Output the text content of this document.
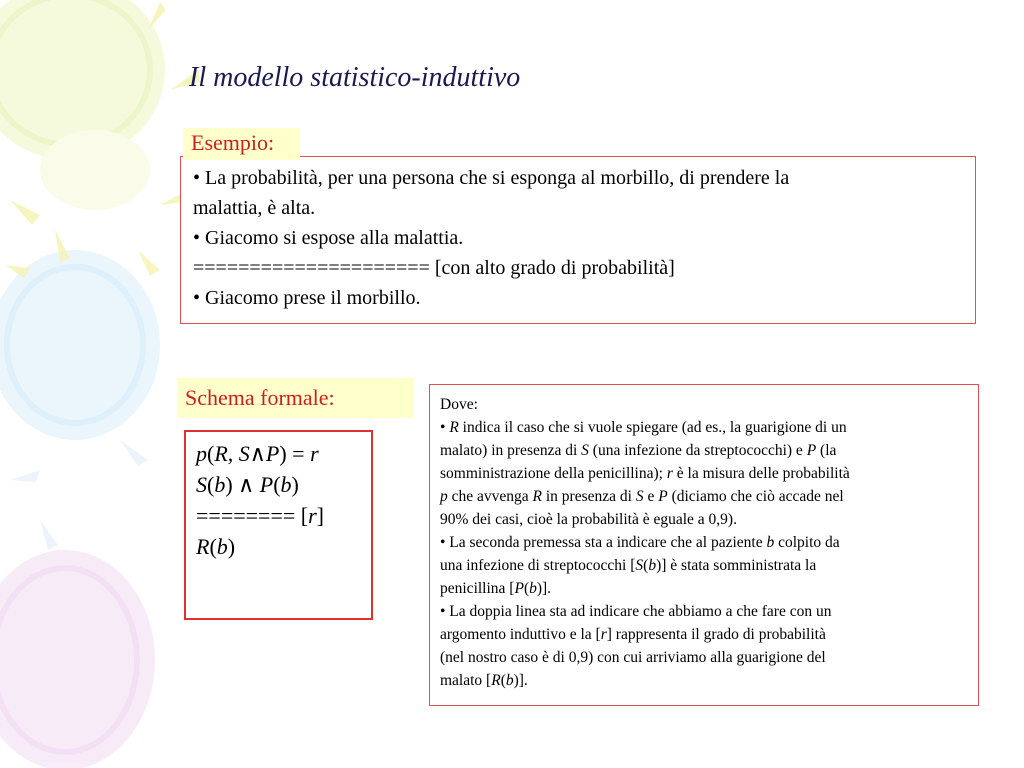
Il modello statistico-induttivo
• La probabilità, per una persona che si esponga al morbillo, di prendere la
malattia, è alta.
• Giacomo si espose alla malattia.
===================== [con alto grado di probabilità]
• Giacomo prese il morbillo.
Esempio:
Schema formale:
p(R, S∧P) = r
S(b) ∧ P(b)
======== [r]
R(b)
Dove:
• R indica il caso che si vuole spiegare (ad es., la guarigione di un
malato) in presenza di S (una infezione da streptococchi) e P (la
somministrazione della penicillina); r è la misura delle probabilità
p che avvenga R in presenza di S e P (diciamo che ciò accade nel
90% dei casi, cioè la probabilità è eguale a 0,9).
• La seconda premessa sta a indicare che al paziente b colpito da
una infezione di streptococchi [S(b)] è stata somministrata la
penicillina [P(b)].
• La doppia linea sta ad indicare che abbiamo a che fare con un
argomento induttivo e la [r] rappresenta il grado di probabilità
(nel nostro caso è di 0,9) con cui arriviamo alla guarigione del
malato [R(b)].
